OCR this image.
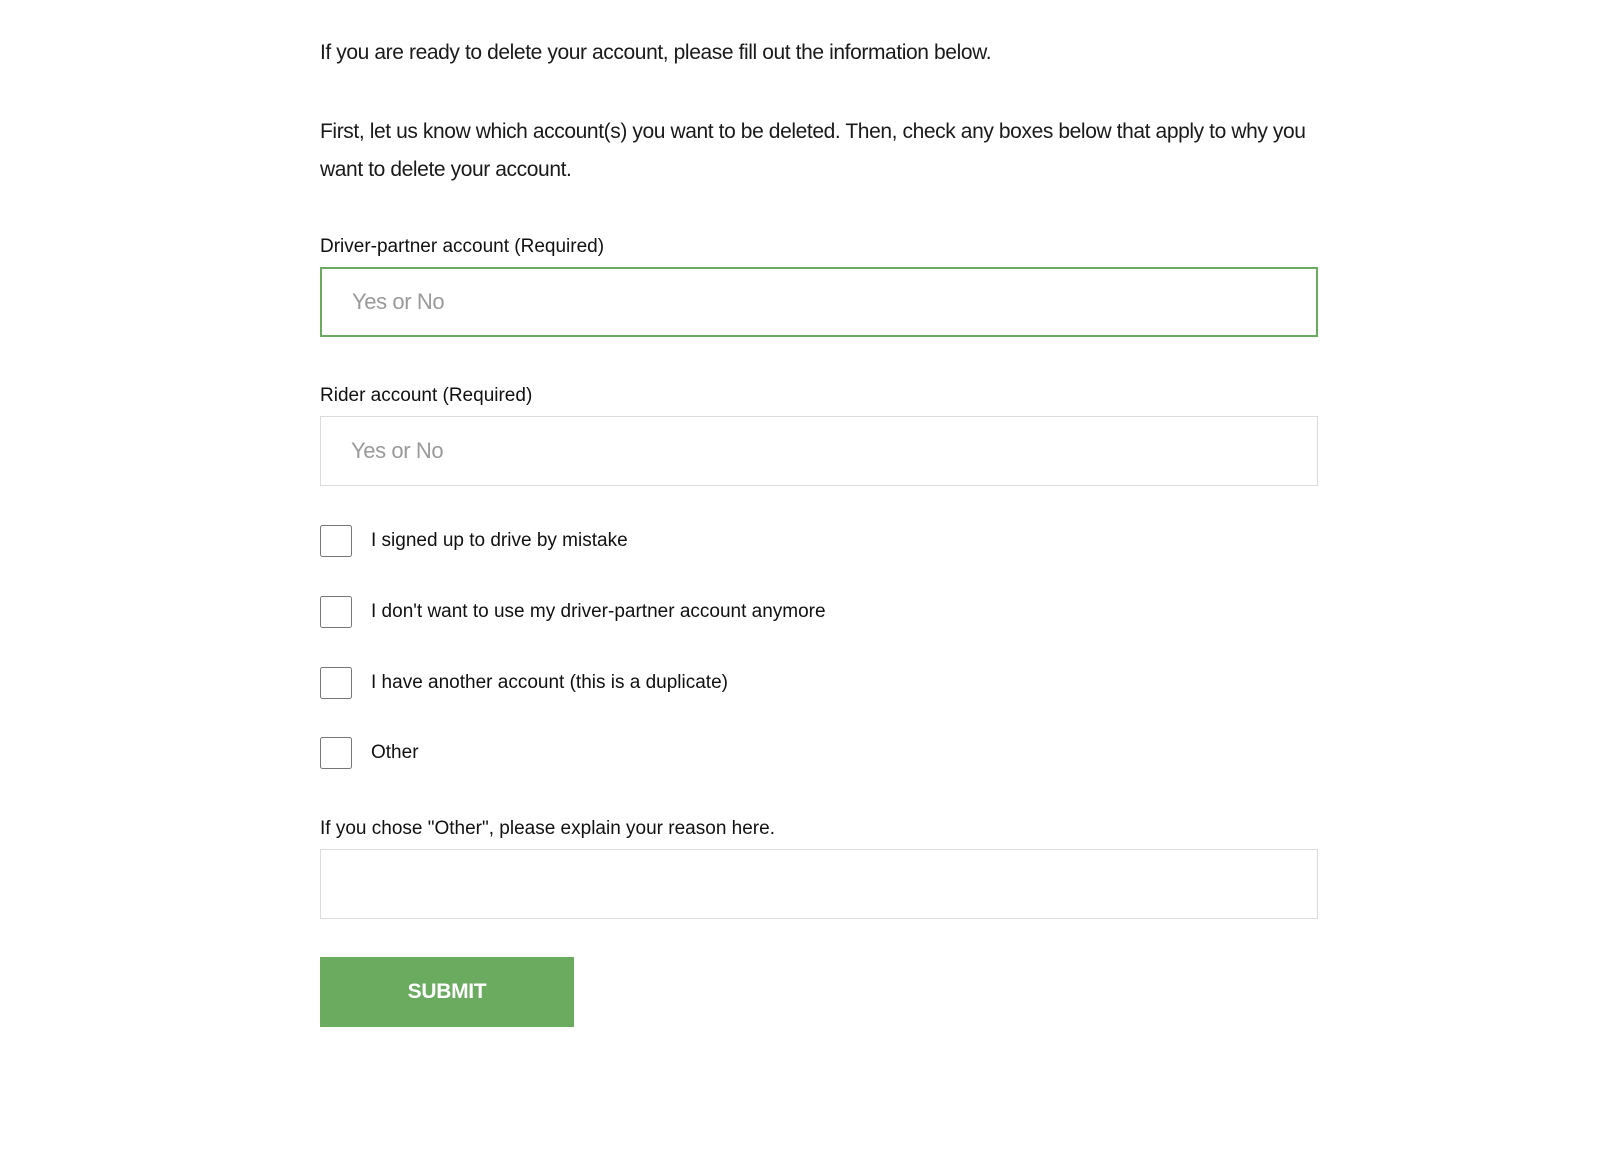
If you are ready to delete your account, please fill out the information below.

First, let us know which account(s) you want to be deleted. Then, check any boxes below that apply to why you want to delete your account.

Driver-partner account (Required)
Yes or No
Rider account (Required)
Yes or No
I signed up to drive by mistake
I don't want to use my driver-partner account anymore
I have another account (this is a duplicate)
Other
If you chose "Other", please explain your reason here.
SUBMIT
